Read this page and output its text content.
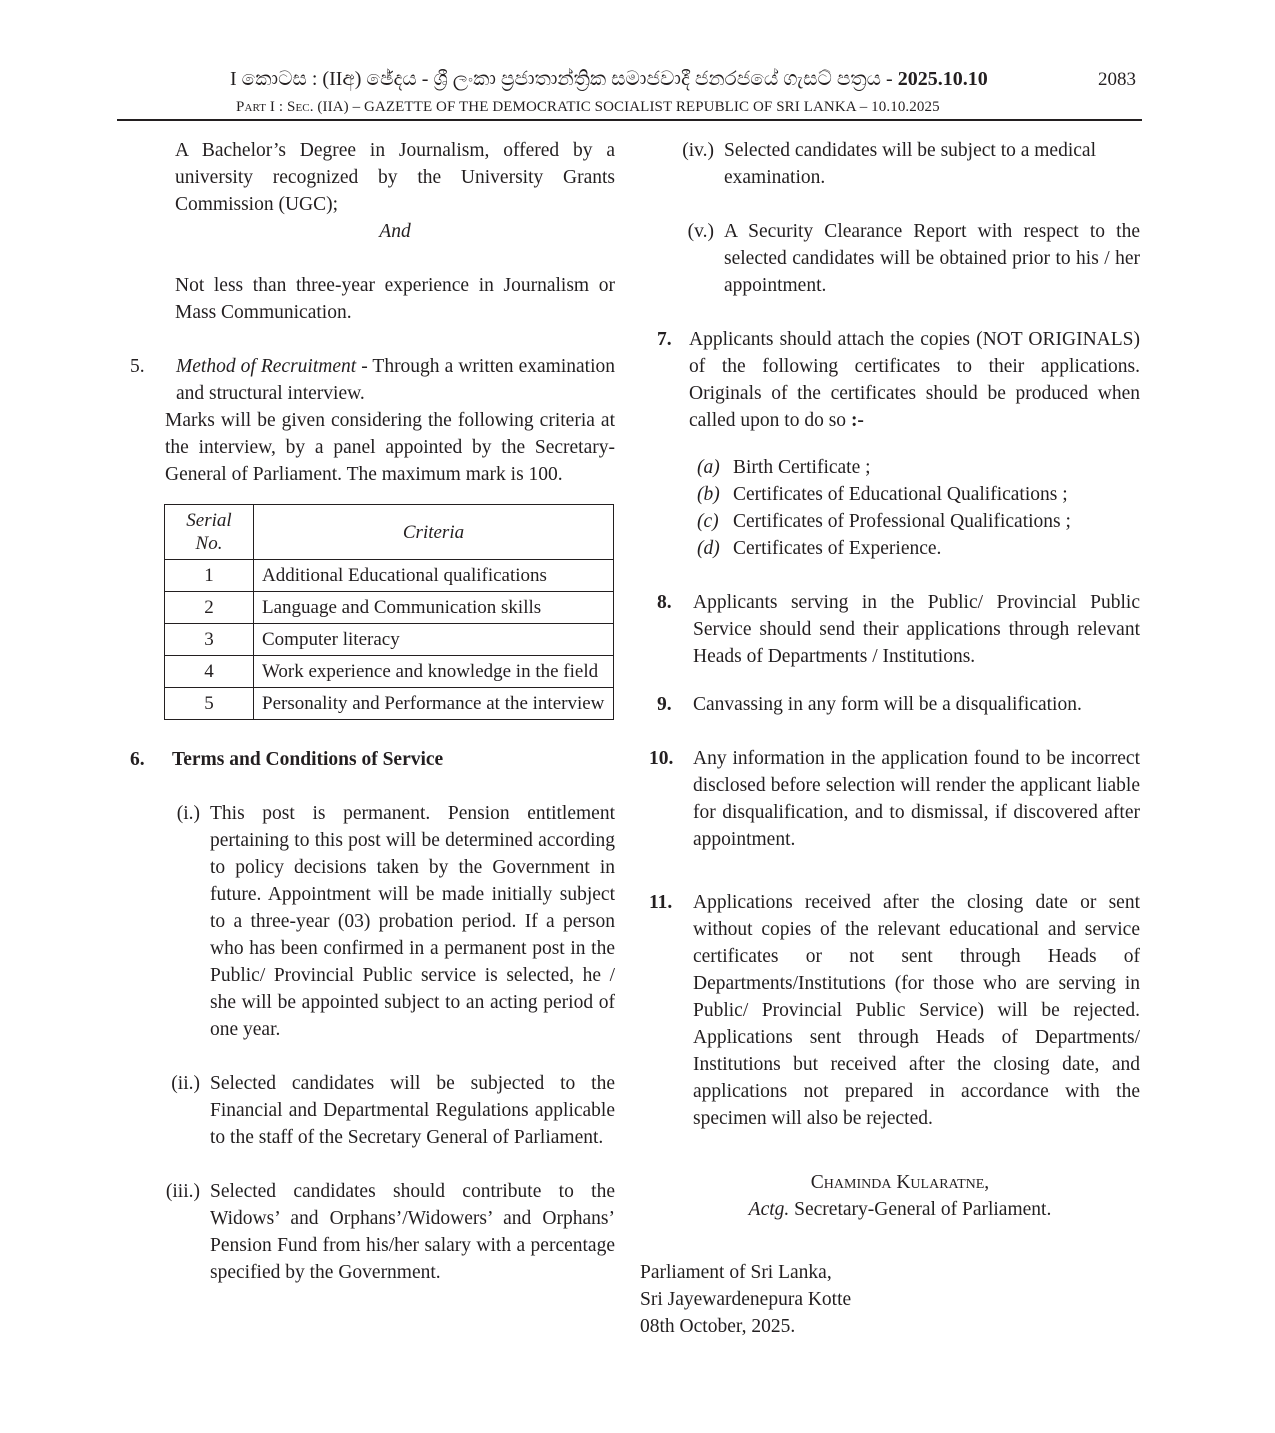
I කොටස : (IIඅ) ඡේදය - ශ්‍රී ලංකා ප්‍රජාතාන්ත්‍රික සමාජවාදී ජනරජයේ ගැසට් පත්‍රය - 2025.10.10
Part I : Sec. (IIA) – GAZETTE OF THE DEMOCRATIC SOCIALIST REPUBLIC OF SRI LANKA – 10.10.2025
2083

A Bachelor’s Degree in Journalism, offered by a university recognized by the University Grants Commission (UGC);

And

Not less than three-year experience in Journalism or Mass Communication.

5.	Method of Recruitment - Through a written examination and structural interview.

Marks will be given considering the following criteria at the interview, by a panel appointed by the Secretary-General of Parliament. The maximum mark is 100.

Serial No.	Criteria
1	Additional Educational qualifications
2	Language and Communication skills
3	Computer literacy
4	Work experience and knowledge in the field
5	Personality and Performance at the interview
6.	Terms and Conditions of Service
(i.) This post is permanent. Pension entitlement pertaining to this post will be determined according to policy decisions taken by the Government in future. Appointment will be made initially subject to a three-year (03) probation period. If a person who has been confirmed in a permanent post in the Public/ Provincial Public service is selected, he / she will be appointed subject to an acting period of one year.
(ii.) Selected candidates will be subjected to the Financial and Departmental Regulations applicable to the staff of the Secretary General of Parliament.
(iii.) Selected candidates should contribute to the Widows’ and Orphans’/Widowers’ and Orphans’ Pension Fund from his/her salary with a percentage specified by the Government.
(iv.) Selected candidates will be subject to a medical examination.
(v.) A Security Clearance Report with respect to the selected candidates will be obtained prior to his / her appointment.
7. Applicants should attach the copies (NOT ORIGINALS) of the following certificates to their applications. Originals of the certificates should be produced when called upon to do so :-
(a) Birth Certificate ;
(b) Certificates of Educational Qualifications ;
(c) Certificates of Professional Qualifications ;
(d) Certificates of Experience.
8.	Applicants serving in the Public/ Provincial Public Service should send their applications through relevant Heads of Departments / Institutions.
9.	Canvassing in any form will be a disqualification.
10.	Any information in the application found to be incorrect disclosed before selection will render the applicant liable for disqualification, and to dismissal, if discovered after appointment.
11.	Applications received after the closing date or sent without copies of the relevant educational and service certificates or not sent through Heads of Departments/Institutions (for those who are serving in Public/ Provincial Public Service) will be rejected. Applications sent through Heads of Departments/ Institutions but received after the closing date, and applications not prepared in accordance with the specimen will also be rejected.
Chaminda Kularatne,
Actg. Secretary-General of Parliament.
Parliament of Sri Lanka,
Sri Jayewardenepura Kotte
08th October, 2025.
